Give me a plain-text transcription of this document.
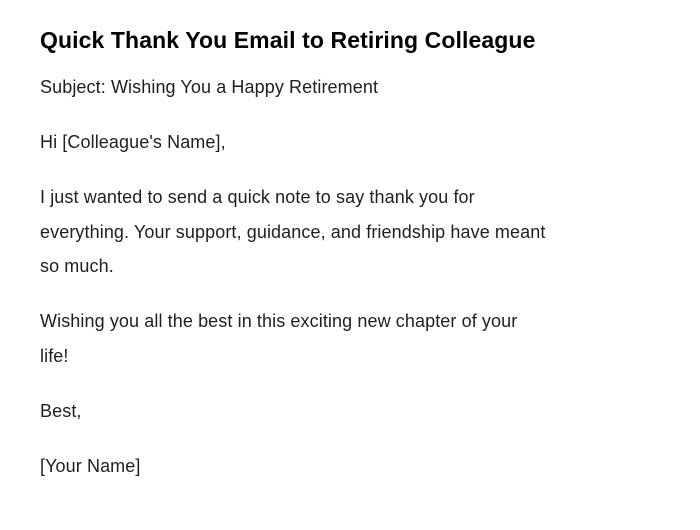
Quick Thank You Email to Retiring Colleague
Subject: Wishing You a Happy Retirement
Hi [Colleague's Name],
I just wanted to send a quick note to say thank you for
everything. Your support, guidance, and friendship have meant
so much.
Wishing you all the best in this exciting new chapter of your
life!
Best,
[Your Name]
